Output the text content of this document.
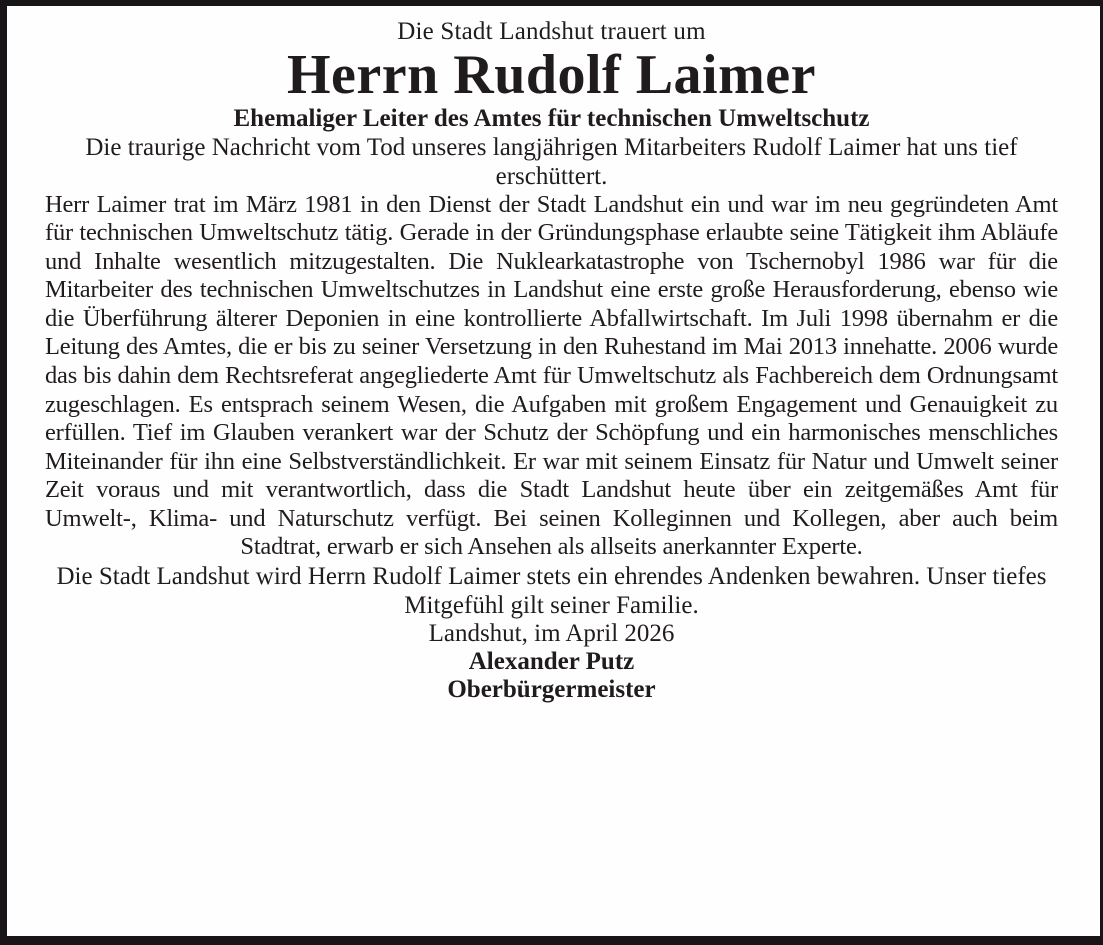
Die Stadt Landshut trauert um

Herrn Rudolf Laimer
Ehemaliger Leiter des Amtes für technischen Umweltschutz

Die traurige Nachricht vom Tod unseres langjährigen Mitarbeiters Rudolf Laimer hat uns tief erschüttert.

Herr Laimer trat im März 1981 in den Dienst der Stadt Landshut ein und war im neu gegründeten Amt für technischen Umweltschutz tätig. Gerade in der Gründungsphase erlaubte seine Tätigkeit ihm Abläufe und Inhalte wesentlich mitzugestalten. Die Nuklearkatastrophe von Tschernobyl 1986 war für die Mitarbeiter des technischen Umweltschutzes in Landshut eine erste große Herausforderung, ebenso wie die Überführung älterer Deponien in eine kontrollierte Abfallwirtschaft. Im Juli 1998 übernahm er die Leitung des Amtes, die er bis zu seiner Versetzung in den Ruhestand im Mai 2013 innehatte. 2006 wurde das bis dahin dem Rechtsreferat angegliederte Amt für Umweltschutz als Fachbereich dem Ordnungsamt zugeschlagen. Es entsprach seinem Wesen, die Aufgaben mit großem Engagement und Genauigkeit zu erfüllen. Tief im Glauben verankert war der Schutz der Schöpfung und ein harmonisches menschliches Miteinander für ihn eine Selbstverständlichkeit. Er war mit seinem Einsatz für Natur und Umwelt seiner Zeit voraus und mit verantwortlich, dass die Stadt Landshut heute über ein zeitgemäßes Amt für Umwelt-, Klima- und Naturschutz verfügt. Bei seinen Kolleginnen und Kollegen, aber auch beim Stadtrat, erwarb er sich Ansehen als allseits anerkannter Experte.

Die Stadt Landshut wird Herrn Rudolf Laimer stets ein ehrendes Andenken bewahren. Unser tiefes Mitgefühl gilt seiner Familie.

Landshut, im April 2026

Alexander Putz

Oberbürgermeister
